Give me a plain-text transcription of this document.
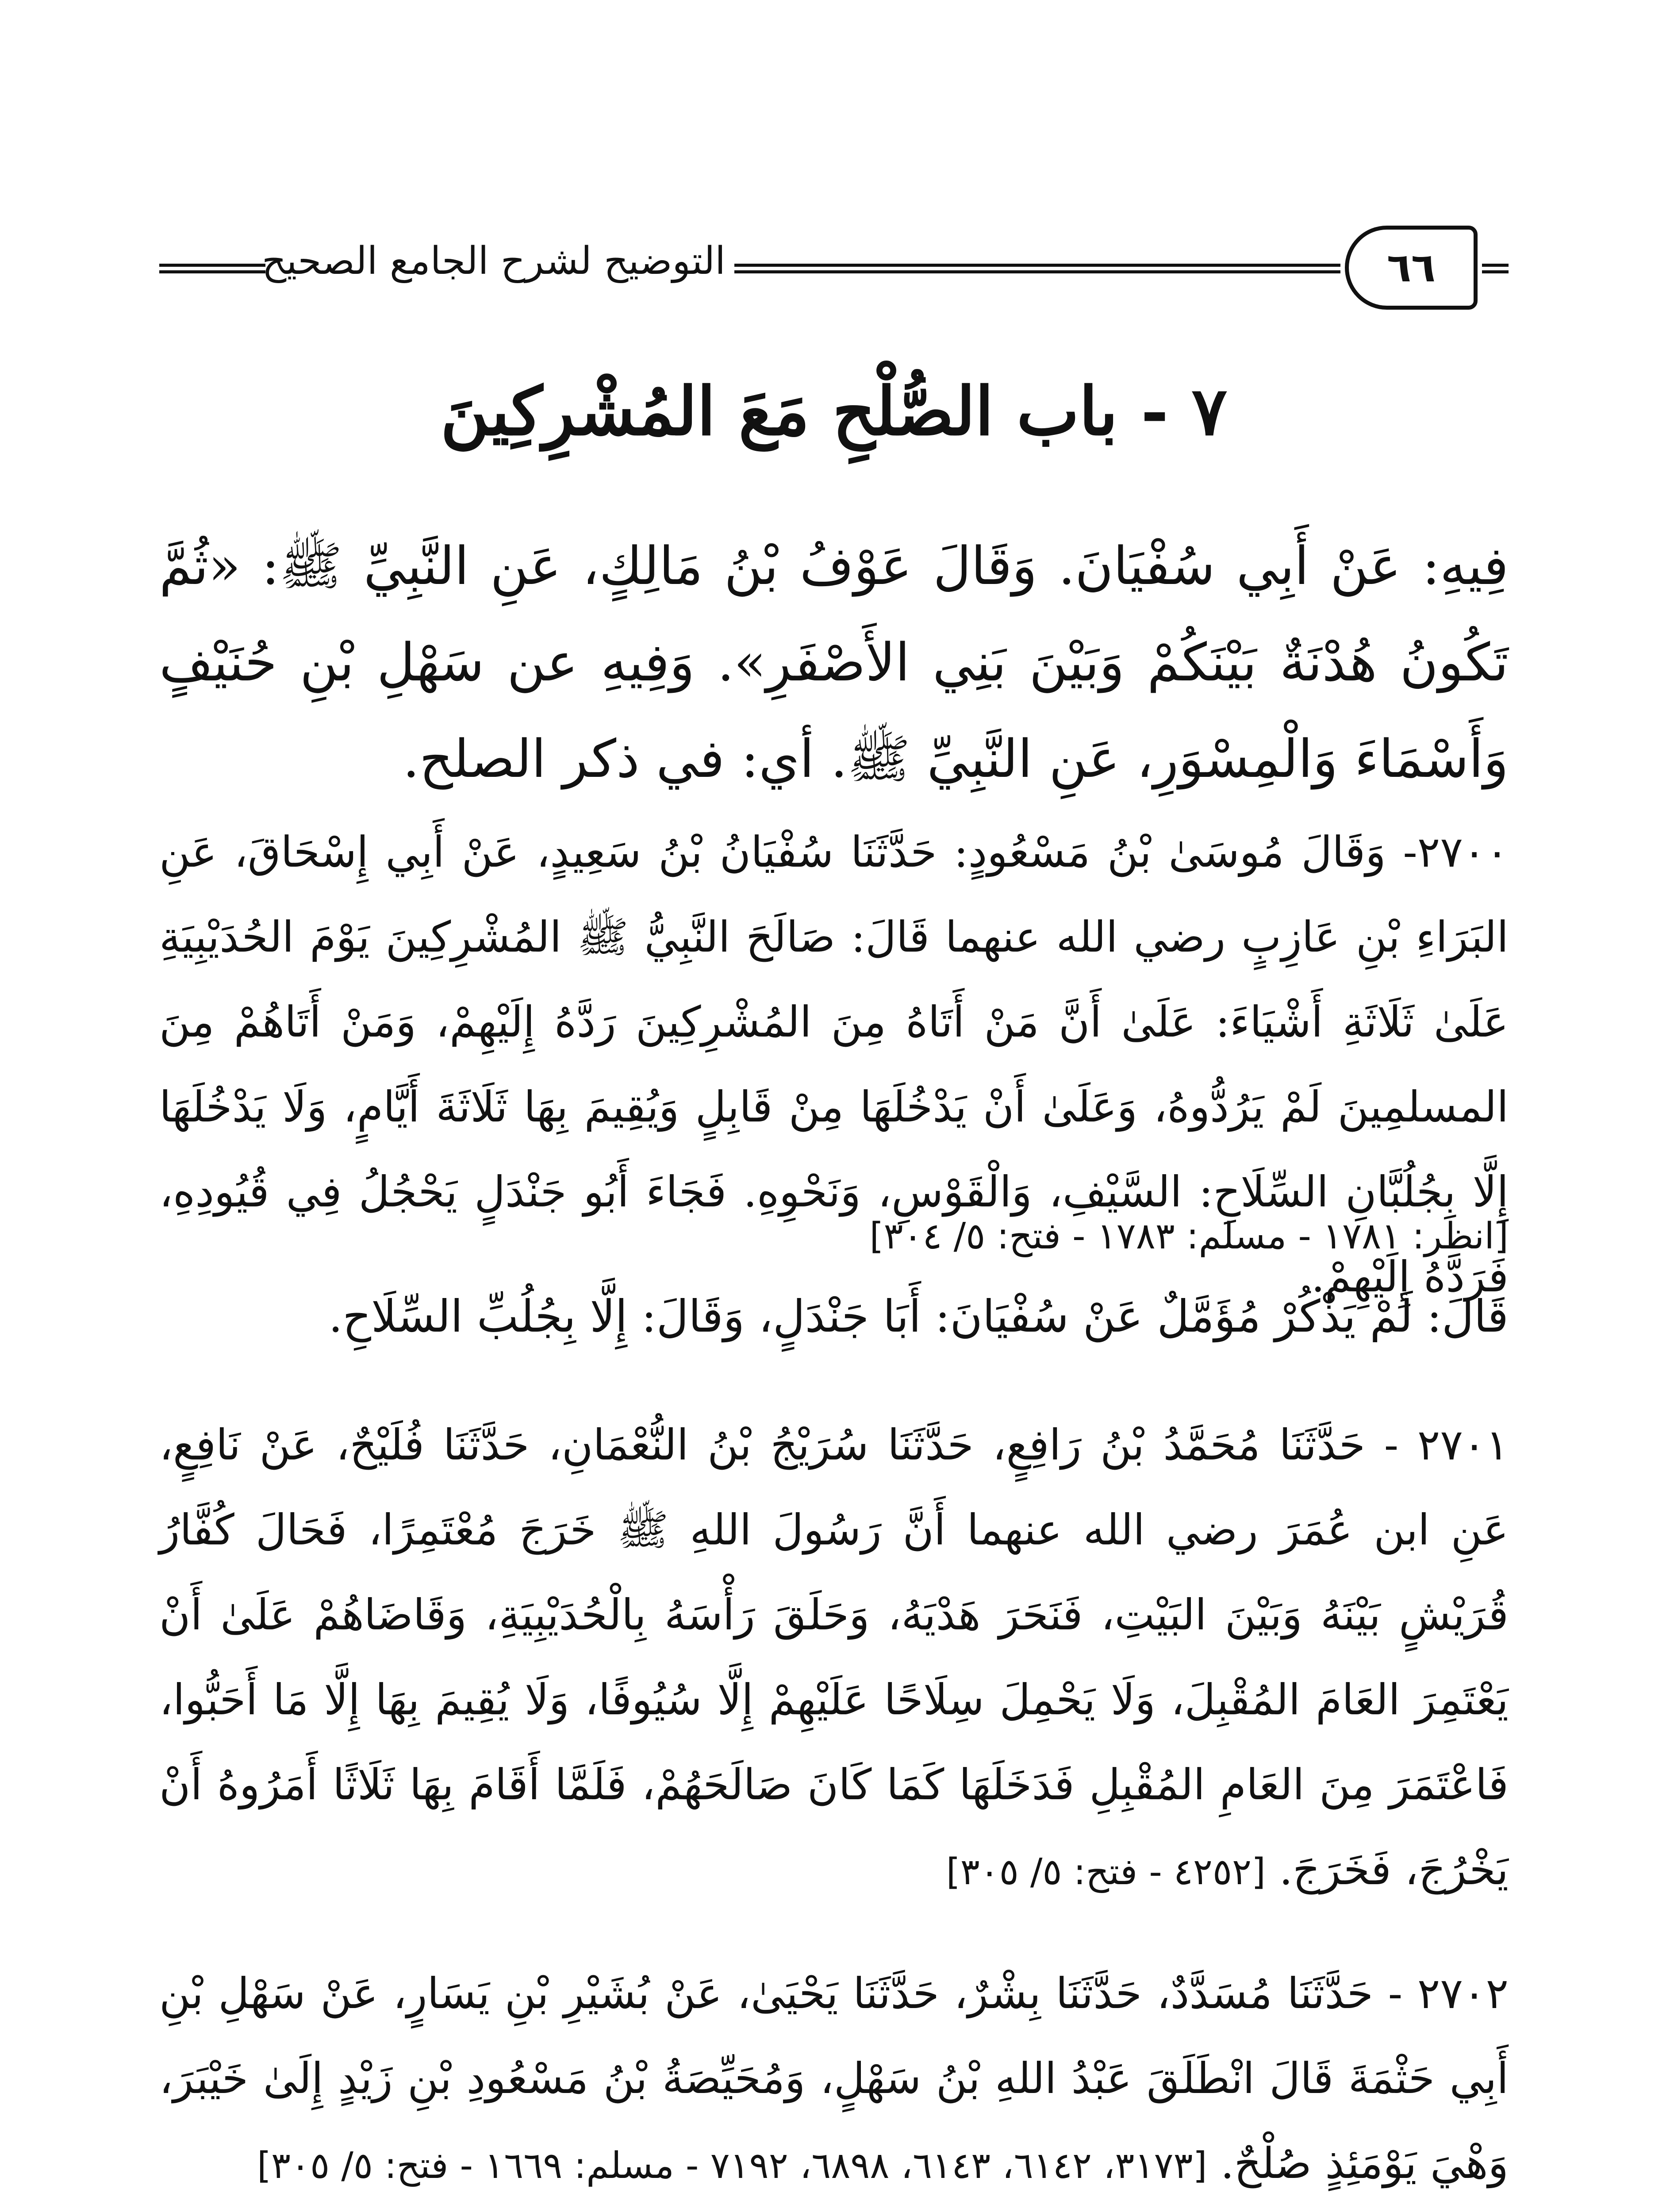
التوضيح لشرح الجامع الصحيح	٦٦
٧ - باب الصُّلْحِ مَعَ المُشْرِكِينَ
فِيهِ: عَنْ أَبِي سُفْيَانَ. وَقَالَ عَوْفُ بْنُ مَالِكٍ، عَنِ النَّبِيِّ ﷺ: «ثُمَّ تَكُونُ هُدْنَةٌ بَيْنَكُمْ وَبَيْنَ بَنِي الأَصْفَرِ». وَفِيهِ عن سَهْلِ بْنِ حُنَيْفٍ وَأَسْمَاءَ وَالْمِسْوَرِ، عَنِ النَّبِيِّ ﷺ. أي: في ذكر الصلح.
٢٧٠٠- وَقَالَ مُوسَىٰ بْنُ مَسْعُودٍ: حَدَّثَنَا سُفْيَانُ بْنُ سَعِيدٍ، عَنْ أَبِي إِسْحَاقَ، عَنِ البَرَاءِ بْنِ عَازِبٍ رضي الله عنهما قَالَ: صَالَحَ النَّبِيُّ ﷺ المُشْرِكِينَ يَوْمَ الحُدَيْبِيَةِ عَلَىٰ ثَلَاثَةِ أَشْيَاءَ: عَلَىٰ أَنَّ مَنْ أَتَاهُ مِنَ المُشْرِكِينَ رَدَّهُ إِلَيْهِمْ، وَمَنْ أَتَاهُمْ مِنَ المسلمِينَ لَمْ يَرُدُّوهُ، وَعَلَىٰ أَنْ يَدْخُلَهَا مِنْ قَابِلٍ وَيُقِيمَ بِهَا ثَلَاثَةَ أَيَّامٍ، وَلَا يَدْخُلَهَا إِلَّا بِجُلُبَّانِ السِّلَاحِ: السَّيْفِ، وَالْقَوْسِ، وَنَحْوِهِ. فَجَاءَ أَبُو جَنْدَلٍ يَحْجُلُ فِي قُيُودِهِ، فَرَدَّهُ إِلَيْهِمْ.
[انظر: ١٧٨١ - مسلم: ١٧٨٣ - فتح: ٥/ ٣٠٤]
قَالَ: لَمْ يَذْكُرْ مُؤَمَّلٌ عَنْ سُفْيَانَ: أَبَا جَنْدَلٍ، وَقَالَ: إِلَّا بِجُلُبِّ السِّلَاحِ.
٢٧٠١ - حَدَّثَنَا مُحَمَّدُ بْنُ رَافِعٍ، حَدَّثَنَا سُرَيْجُ بْنُ النُّعْمَانِ، حَدَّثَنَا فُلَيْحٌ، عَنْ نَافِعٍ، عَنِ ابن عُمَرَ رضي الله عنهما أَنَّ رَسُولَ اللهِ ﷺ خَرَجَ مُعْتَمِرًا، فَحَالَ كُفَّارُ قُرَيْشٍ بَيْنَهُ وَبَيْنَ البَيْتِ، فَنَحَرَ هَدْيَهُ، وَحَلَقَ رَأْسَهُ بِالْحُدَيْبِيَةِ، وَقَاضَاهُمْ عَلَىٰ أَنْ يَعْتَمِرَ العَامَ المُقْبِلَ، وَلَا يَحْمِلَ سِلَاحًا عَلَيْهِمْ إِلَّا سُيُوفًا، وَلَا يُقِيمَ بِهَا إِلَّا مَا أَحَبُّوا، فَاعْتَمَرَ مِنَ العَامِ المُقْبِلِ فَدَخَلَهَا كَمَا كَانَ صَالَحَهُمْ، فَلَمَّا أَقَامَ بِهَا ثَلَاثًا أَمَرُوهُ أَنْ يَخْرُجَ، فَخَرَجَ. [٤٢٥٢ - فتح: ٥/ ٣٠٥]
٢٧٠٢ - حَدَّثَنَا مُسَدَّدٌ، حَدَّثَنَا بِشْرٌ، حَدَّثَنَا يَحْيَىٰ، عَنْ بُشَيْرِ بْنِ يَسَارٍ، عَنْ سَهْلِ بْنِ أَبِي حَثْمَةَ قَالَ انْطَلَقَ عَبْدُ اللهِ بْنُ سَهْلٍ، وَمُحَيِّصَةُ بْنُ مَسْعُودِ بْنِ زَيْدٍ إِلَىٰ خَيْبَرَ، وَهْيَ يَوْمَئِذٍ صُلْحٌ. [٣١٧٣، ٦١٤٢، ٦١٤٣، ٦٨٩٨، ٧١٩٢ - مسلم: ١٦٦٩ - فتح: ٥/ ٣٠٥]
